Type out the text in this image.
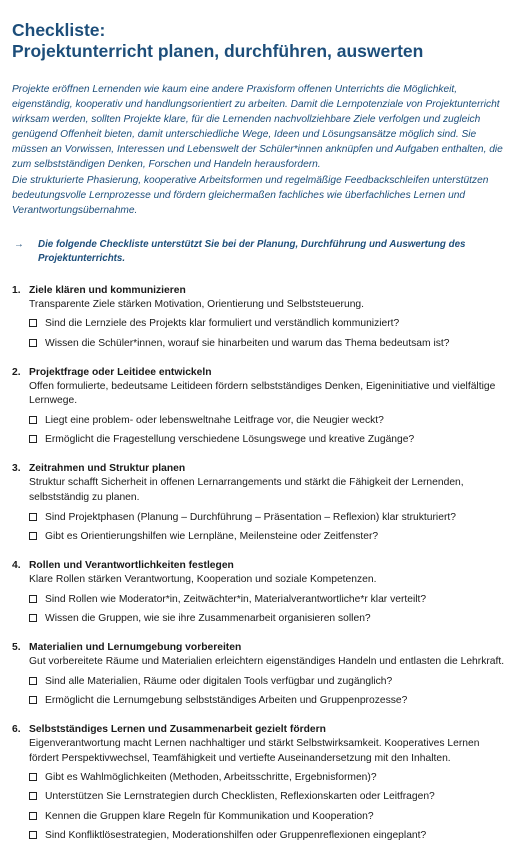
Checkliste:
Projektunterricht planen, durchführen, auswerten

Projekte eröffnen Lernenden wie kaum eine andere Praxisform offenen Unterrichts die Möglichkeit, eigenständig, kooperativ und handlungsorientiert zu arbeiten. Damit die Lernpotenziale von Projektunterricht wirksam werden, sollten Projekte klare, für die Lernenden nachvollziehbare Ziele verfolgen und zugleich genügend Offenheit bieten, damit unterschiedliche Wege, Ideen und Lösungsansätze möglich sind. Sie müssen an Vorwissen, Interessen und Lebenswelt der Schüler*innen anknüpfen und Aufgaben enthalten, die zum selbstständigen Denken, Forschen und Handeln herausfordern.

Die strukturierte Phasierung, kooperative Arbeitsformen und regelmäßige Feedbackschleifen unterstützen bedeutungsvolle Lernprozesse und fördern gleichermaßen fachliches wie überfachliches Lernen und Verantwortungsübernahme.

→ Die folgende Checkliste unterstützt Sie bei der Planung, Durchführung und Auswertung des Projektunterrichts.
1. Ziele klären und kommunizieren
Transparente Ziele stärken Motivation, Orientierung und Selbststeuerung.
Sind die Lernziele des Projekts klar formuliert und verständlich kommuniziert?
Wissen die Schüler*innen, worauf sie hinarbeiten und warum das Thema bedeutsam ist?
2. Projektfrage oder Leitidee entwickeln
Offen formulierte, bedeutsame Leitideen fördern selbstständiges Denken, Eigeninitiative und vielfältige Lernwege.
Liegt eine problem- oder lebensweltnahe Leitfrage vor, die Neugier weckt?
Ermöglicht die Fragestellung verschiedene Lösungswege und kreative Zugänge?
3. Zeitrahmen und Struktur planen
Struktur schafft Sicherheit in offenen Lernarrangements und stärkt die Fähigkeit der Lernenden, selbstständig zu planen.
Sind Projektphasen (Planung – Durchführung – Präsentation – Reflexion) klar strukturiert?
Gibt es Orientierungshilfen wie Lernpläne, Meilensteine oder Zeitfenster?
4. Rollen und Verantwortlichkeiten festlegen
Klare Rollen stärken Verantwortung, Kooperation und soziale Kompetenzen.
Sind Rollen wie Moderator*in, Zeitwächter*in, Materialverantwortliche*r klar verteilt?
Wissen die Gruppen, wie sie ihre Zusammenarbeit organisieren sollen?
5. Materialien und Lernumgebung vorbereiten
Gut vorbereitete Räume und Materialien erleichtern eigenständiges Handeln und entlasten die Lehrkraft.
Sind alle Materialien, Räume oder digitalen Tools verfügbar und zugänglich?
Ermöglicht die Lernumgebung selbstständiges Arbeiten und Gruppenprozesse?
6. Selbstständiges Lernen und Zusammenarbeit gezielt fördern
Eigenverantwortung macht Lernen nachhaltiger und stärkt Selbstwirksamkeit. Kooperatives Lernen fördert Perspektivwechsel, Teamfähigkeit und vertiefte Auseinandersetzung mit den Inhalten.
Gibt es Wahlmöglichkeiten (Methoden, Arbeitsschritte, Ergebnisformen)?
Unterstützen Sie Lernstrategien durch Checklisten, Reflexionskarten oder Leitfragen?
Kennen die Gruppen klare Regeln für Kommunikation und Kooperation?
Sind Konfliktlösestrategien, Moderationshilfen oder Gruppenreflexionen eingeplant?
